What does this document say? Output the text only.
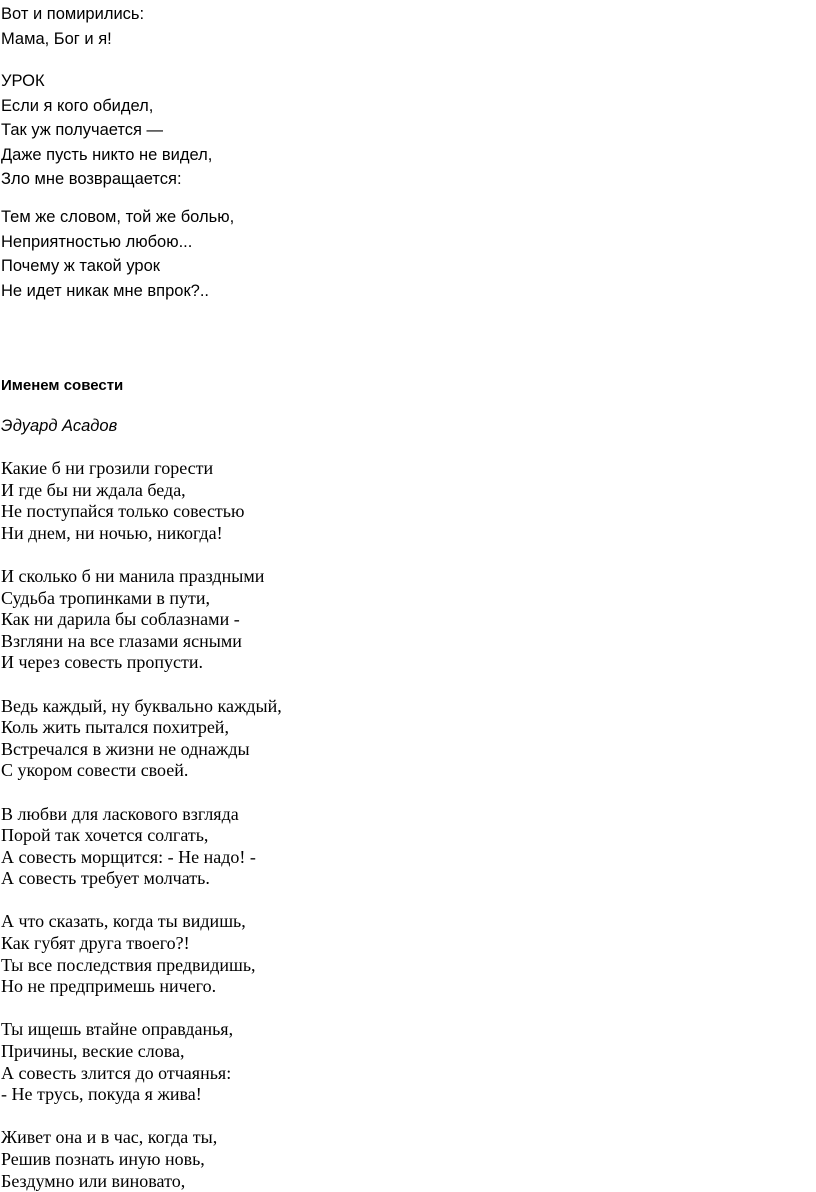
Вот и помирились:
Мама, Бог и я!
УРОК
Если я кого обидел,
Так уж получается —
Даже пусть никто не видел,
Зло мне возвращается:
Тем же словом, той же болью,
Неприятностью любою...
Почему ж такой урок
Не идет никак мне впрок?..
Именем совести
Эдуард Асадов
Какие б ни грозили горести
И где бы ни ждала беда,
Не поступайся только совестью
Ни днем, ни ночью, никогда!
И сколько б ни манила праздными
Судьба тропинками в пути,
Как ни дарила бы соблазнами -
Взгляни на все глазами ясными
И через совесть пропусти.
Ведь каждый, ну буквально каждый,
Коль жить пытался похитрей,
Встречался в жизни не однажды
С укором совести своей.
В любви для ласкового взгляда
Порой так хочется солгать,
А совесть морщится: - Не надо! -
А совесть требует молчать.
А что сказать, когда ты видишь,
Как губят друга твоего?!
Ты все последствия предвидишь,
Но не предпримешь ничего.
Ты ищешь втайне оправданья,
Причины, веские слова,
А совесть злится до отчаянья:
- Не трусь, покуда я жива!
Живет она и в час, когда ты,
Решив познать иную новь,
Бездумно или виновато,
